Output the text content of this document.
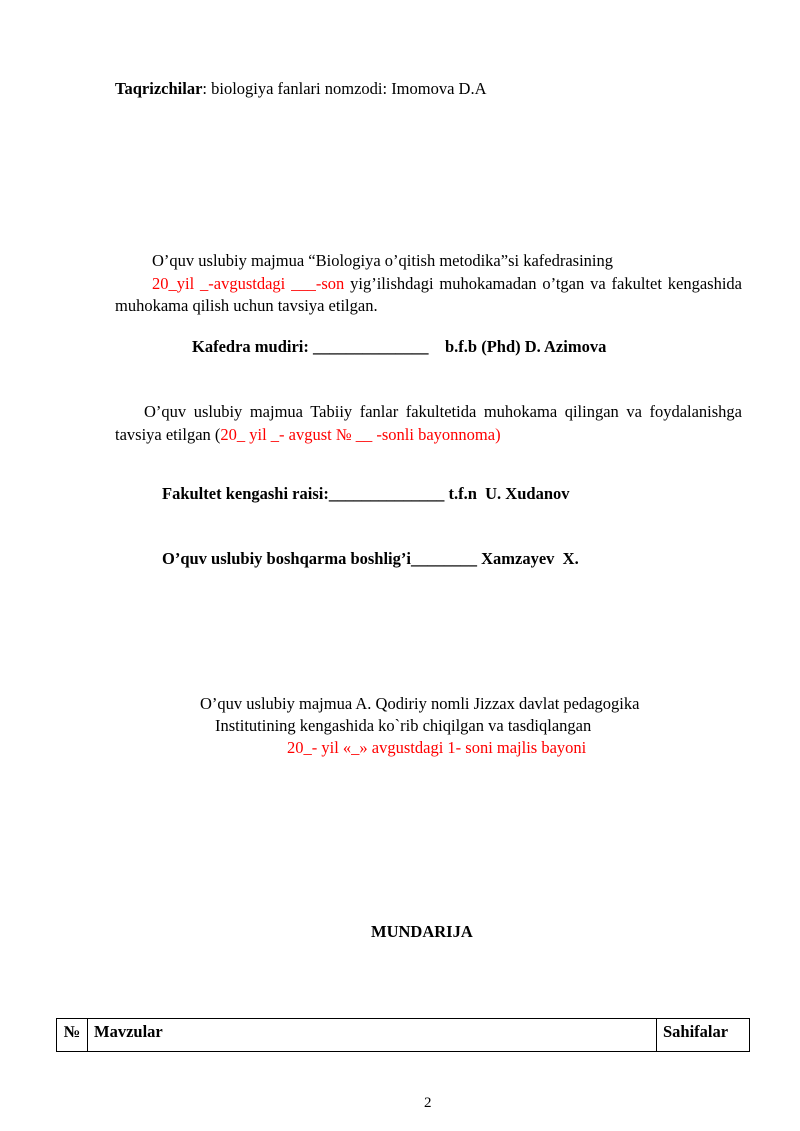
Taqrizchilar: biologiya fanlari nomzodi: Imomova D.A
O’quv uslubiy majmua “Biologiya o’qitish metodika”si kafedrasining
20_yil _-avgustdagi ___-son yig’ilishdagi muhokamadan o’tgan va fakultet kengashida muhokama qilish uchun tavsiya etilgan.
Kafedra mudiri: ______________    b.f.b (Phd) D. Azimova
O’quv uslubiy majmua Tabiiy fanlar fakultetida muhokama qilingan va foydalanishga tavsiya etilgan (20_ yil _- avgust № __ -sonli bayonnoma)
Fakultet kengashi raisi:______________ t.f.n  U. Xudanov
O’quv uslubiy boshqarma boshlig’i________ Xamzayev  X.
O’quv uslubiy majmua A. Qodiriy nomli Jizzax davlat pedagogika
Institutining kengashida ko`rib chiqilgan va tasdiqlangan
20_- yil «_» avgustdagi 1- soni majlis bayoni
MUNDARIJA
№	Mavzular	Sahifalar
2
